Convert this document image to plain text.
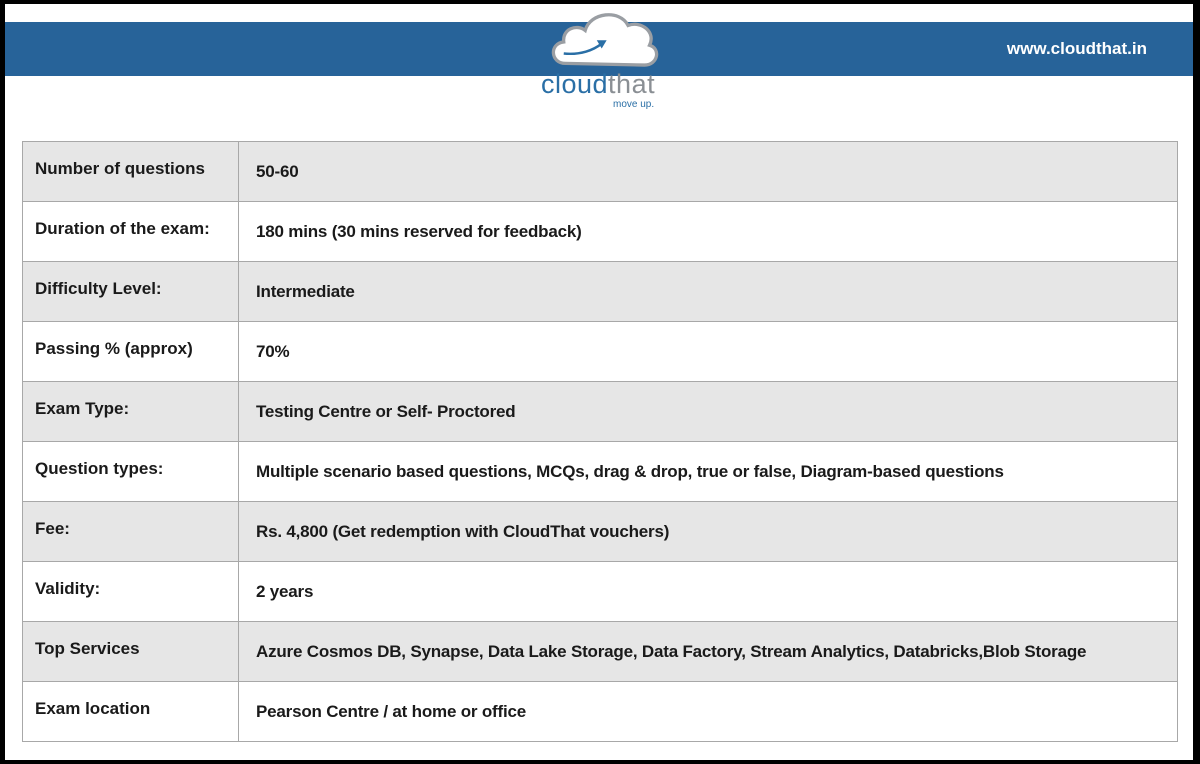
www.cloudthat.in
cloudthat
move up.
Number of questions	50-60
Duration of the exam:	180 mins (30 mins reserved for feedback)
Difficulty Level:	Intermediate
Passing % (approx)	70%
Exam Type:	Testing Centre or Self- Proctored
Question types:	Multiple scenario based questions, MCQs, drag & drop, true or false, Diagram-based questions
Fee:	Rs. 4,800 (Get redemption with CloudThat vouchers)
Validity:	2 years
Top Services	Azure Cosmos DB, Synapse, Data Lake Storage, Data Factory, Stream Analytics, Databricks,Blob Storage
Exam location	Pearson Centre / at home or office
